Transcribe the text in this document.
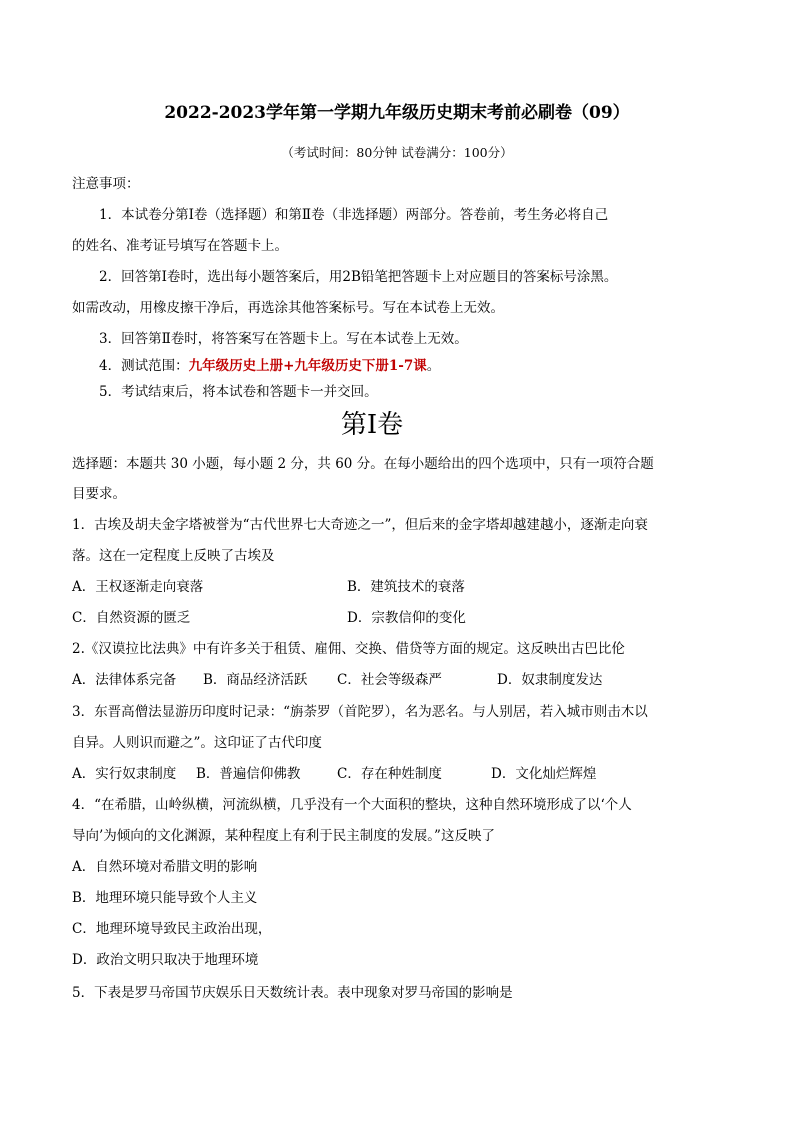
2022-2023学年第一学期九年级历史期末考前必刷卷（09）
（考试时间：80分钟 试卷满分：100分）
注意事项：
1．本试卷分第Ⅰ卷（选择题）和第Ⅱ卷（非选择题）两部分。答卷前，考生务必将自己
的姓名、准考证号填写在答题卡上。
2．回答第Ⅰ卷时，选出每小题答案后，用2B铅笔把答题卡上对应题目的答案标号涂黑。
如需改动，用橡皮擦干净后，再选涂其他答案标号。写在本试卷上无效。
3．回答第Ⅱ卷时，将答案写在答题卡上。写在本试卷上无效。
4．测试范围：九年级历史上册+九年级历史下册1-7课。
5．考试结束后，将本试卷和答题卡一并交回。
第Ⅰ卷
选择题：本题共 30 小题，每小题 2 分，共 60 分。在每小题给出的四个选项中，只有一项符合题
目要求。
1．古埃及胡夫金字塔被誉为“古代世界七大奇迹之一”，但后来的金字塔却越建越小，逐渐走向衰
落。这在一定程度上反映了古埃及
A．王权逐渐走向衰落	B．建筑技术的衰落
C．自然资源的匮乏	D．宗教信仰的变化
2.《汉谟拉比法典》中有许多关于租赁、雇佣、交换、借贷等方面的规定。这反映出古巴比伦
A．法律体系完备 B．商品经济活跃 C．社会等级森严	D．奴隶制度发达
3．东晋高僧法显游历印度时记录：“旃荼罗（首陀罗），名为恶名。与人别居，若入城市则击木以
自异。人则识而避之”。这印证了古代印度
A．实行奴隶制度 B．普遍信仰佛教	C．存在种姓制度	D．文化灿烂辉煌
4．“在希腊，山岭纵横，河流纵横，几乎没有一个大面积的整块，这种自然环境形成了以‘个人
导向’为倾向的文化渊源，某种程度上有利于民主制度的发展。”这反映了
A．自然环境对希腊文明的影响
B．地理环境只能导致个人主义
C．地理环境导致民主政治出现，
D．政治文明只取决于地理环境
5．下表是罗马帝国节庆娱乐日天数统计表。表中现象对罗马帝国的影响是
